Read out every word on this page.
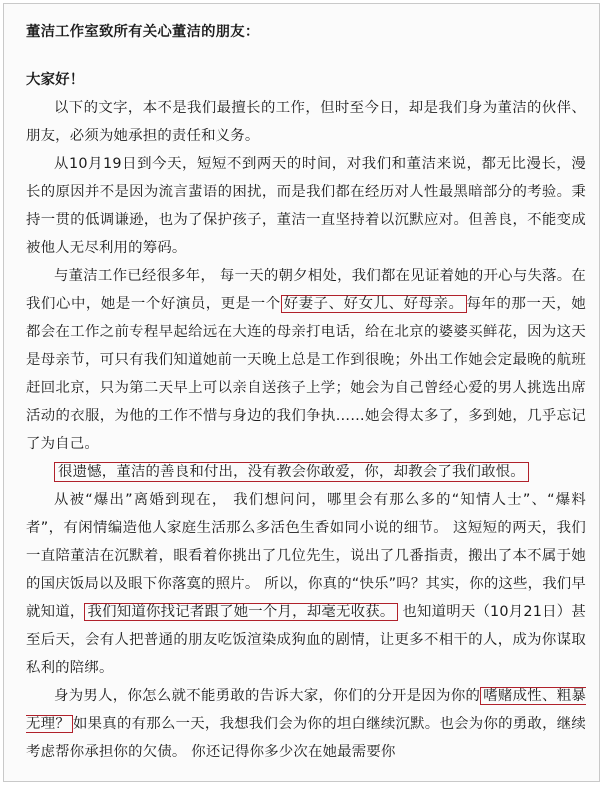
董洁工作室致所有关心董洁的朋友：
大家好！

以下的文字，本不是我们最擅长的工作，但时至今日，却是我们身为董洁的伙伴、朋友，必须为她承担的责任和义务。

从10月19日到今天，短短不到两天的时间，对我们和董洁来说，都无比漫长，漫长的原因并不是因为流言蜚语的困扰，而是我们都在经历对人性最黑暗部分的考验。秉持一贯的低调谦逊，也为了保护孩子，董洁一直坚持着以沉默应对。但善良，不能变成被他人无尽利用的筹码。

与董洁工作已经很多年， 每一天的朝夕相处，我们都在见证着她的开心与失落。在我们心中，她是一个好演员，更是一个 好妻子、好女儿、好母亲。 每年的那一天，她都会在工作之前专程早起给远在大连的母亲打电话，给在北京的婆婆买鲜花，因为这天是母亲节，可只有我们知道她前一天晚上总是工作到很晚；外出工作她会定最晚的航班赶回北京，只为第二天早上可以亲自送孩子上学；她会为自己曾经心爱的男人挑选出席活动的衣服，为他的工作不惜与身边的我们争执……她会得太多了，多到她，几乎忘记了为自己。

很遗憾，董洁的善良和付出，没有教会你敢爱，你，却教会了我们敢恨。

从被“爆出”离婚到现在， 我们想问问，哪里会有那么多的“知情人士”、“爆料者”，有闲情编造他人家庭生活那么多活色生香如同小说的细节。 这短短的两天，我们一直陪董洁在沉默着，眼看着你挑出了几位先生，说出了几番指责，搬出了本不属于她的国庆饭局以及眼下你落寞的照片。 所以，你真的“快乐”吗？其实，你的这些，我们早就知道， 我们知道你找记者跟了她一个月，却毫无收获。 也知道明天（10月21日）甚至后天，会有人把普通的朋友吃饭渲染成狗血的剧情，让更多不相干的人，成为你谋取私利的陪绑。

身为男人，你怎么就不能勇敢的告诉大家，你们的分开是因为你的 嗜赌成性、粗暴无理？ 如果真的有那么一天，我想我们会为你的坦白继续沉默。也会为你的勇敢，继续考虑帮你承担你的欠债。 你还记得你多少次在她最需要你
